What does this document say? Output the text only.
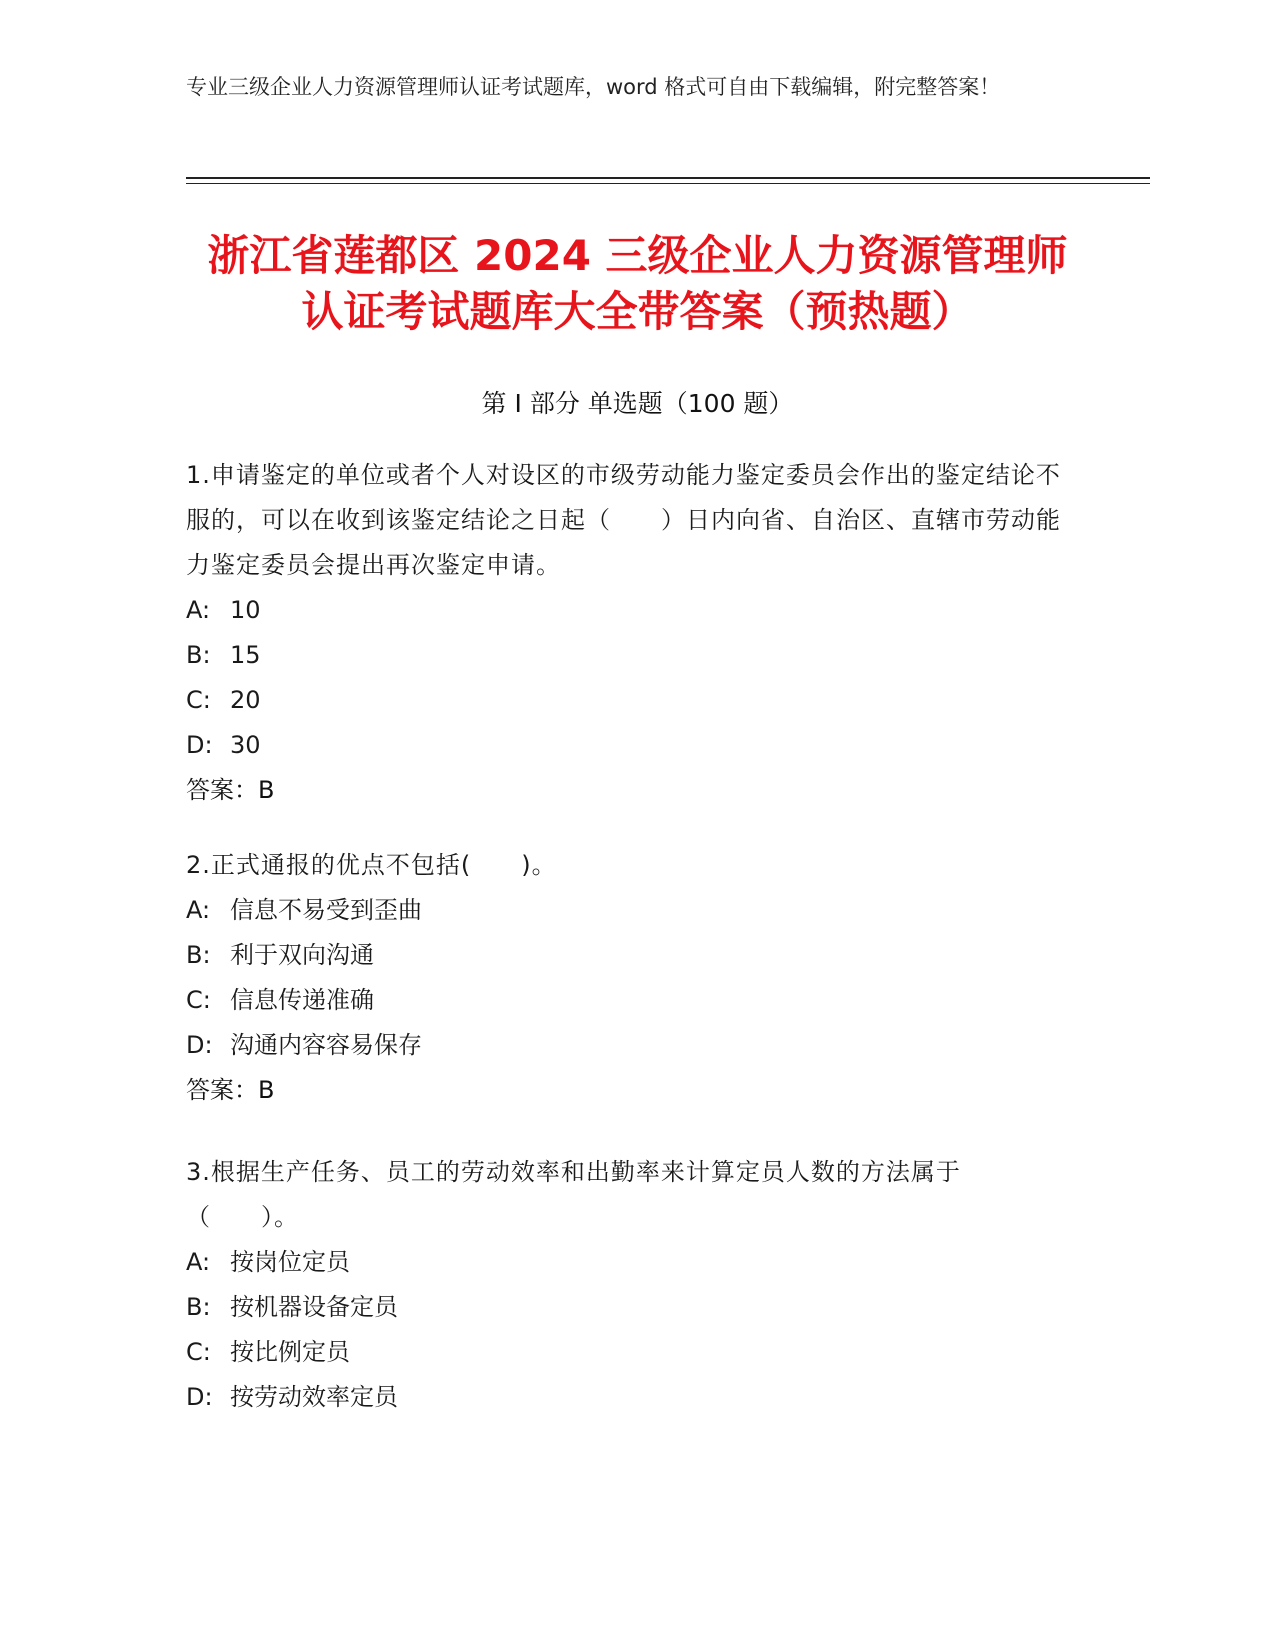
专业三级企业人力资源管理师认证考试题库，word 格式可自由下载编辑，附完整答案！
浙江省莲都区 2024 三级企业人力资源管理师
认证考试题库大全带答案（预热题）
第 I 部分 单选题（100 题）

1.申请鉴定的单位或者个人对设区的市级劳动能力鉴定委员会作出的鉴定结论不服的，可以在收到该鉴定结论之日起（　　）日内向省、自治区、直辖市劳动能力鉴定委员会提出再次鉴定申请。

A: 10
B: 15
C: 20
D: 30

答案：B

2.正式通报的优点不包括(　　)。

A: 信息不易受到歪曲
B: 利于双向沟通
C: 信息传递准确
D: 沟通内容容易保存

答案：B

3.根据生产任务、员工的劳动效率和出勤率来计算定员人数的方法属于（　　）。

A: 按岗位定员
B: 按机器设备定员
C: 按比例定员
D: 按劳动效率定员
